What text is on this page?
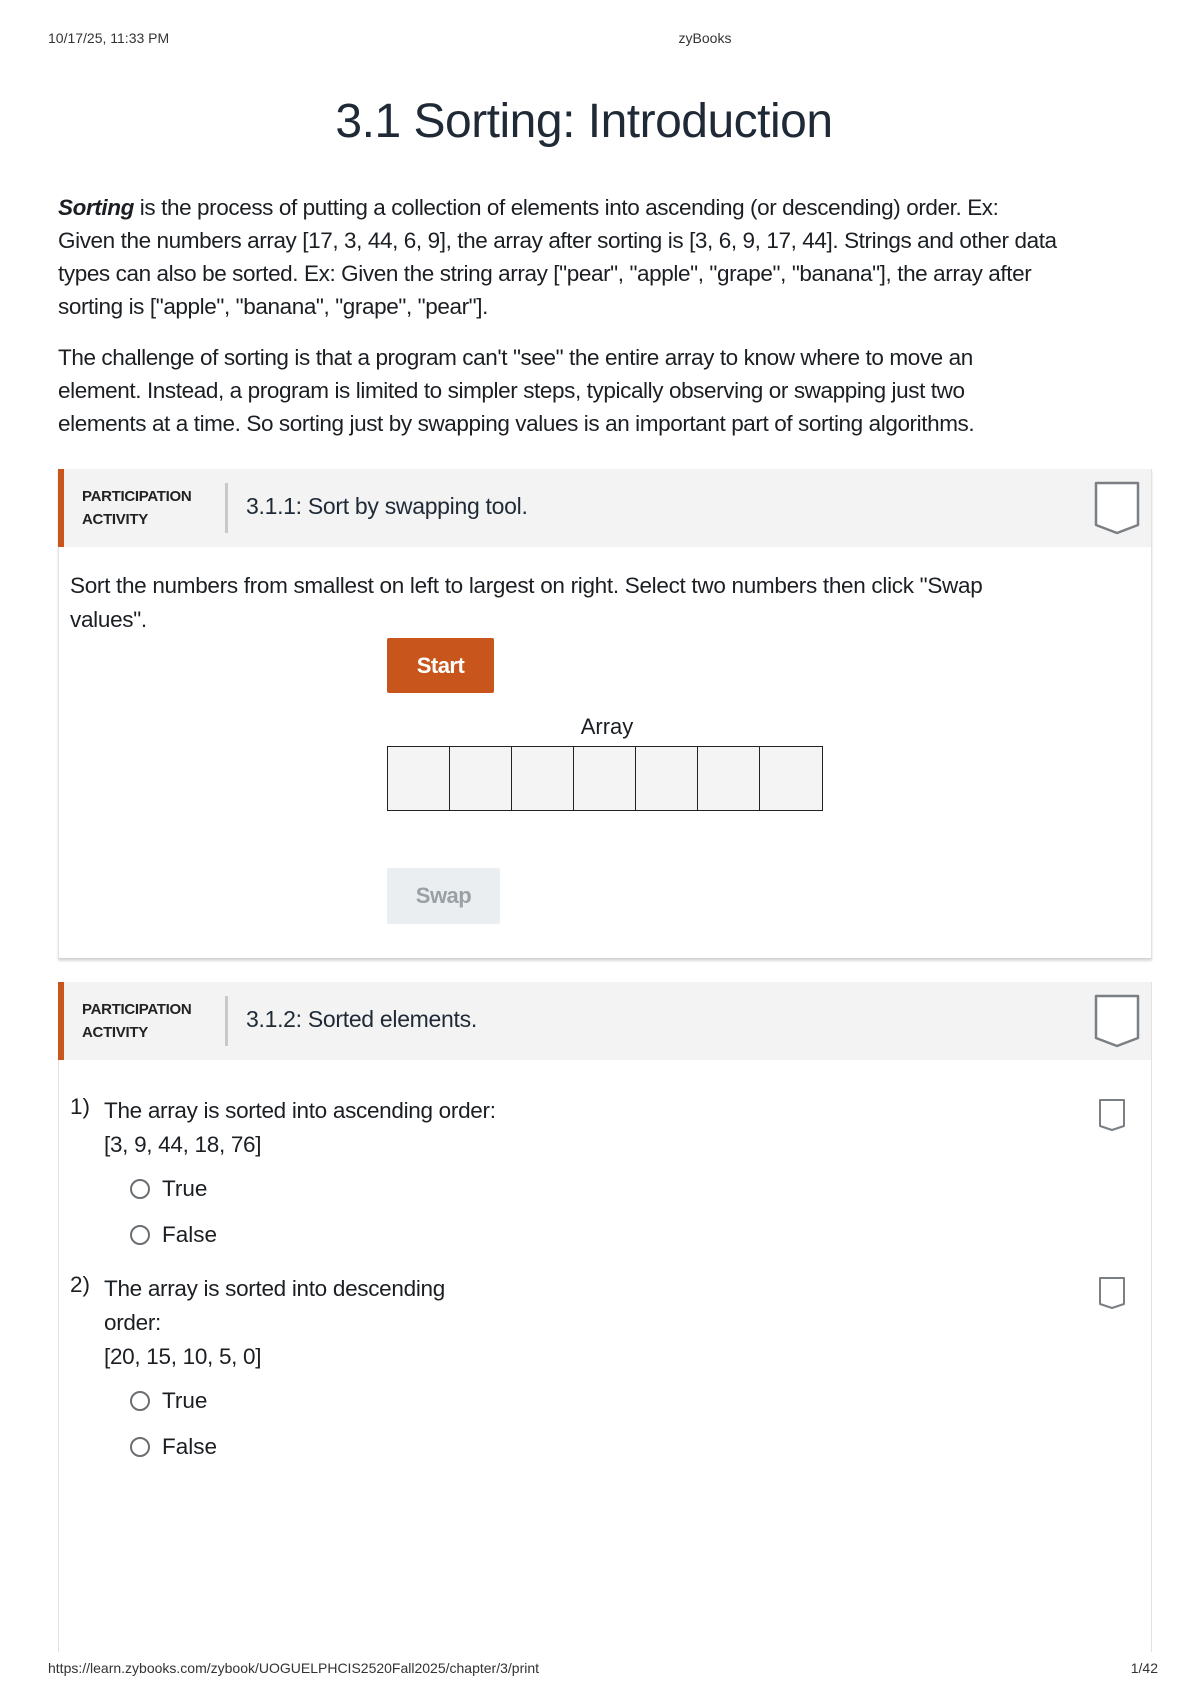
10/17/25, 11:33 PM	zyBooks
3.1 Sorting: Introduction
Sorting is the process of putting a collection of elements into ascending (or descending) order. Ex:
Given the numbers array [17, 3, 44, 6, 9], the array after sorting is [3, 6, 9, 17, 44]. Strings and other data
types can also be sorted. Ex: Given the string array ["pear", "apple", "grape", "banana"], the array after
sorting is ["apple", "banana", "grape", "pear"].
The challenge of sorting is that a program can't "see" the entire array to know where to move an
element. Instead, a program is limited to simpler steps, typically observing or swapping just two
elements at a time. So sorting just by swapping values is an important part of sorting algorithms.
PARTICIPATION
ACTIVITY
3.1.1: Sort by swapping tool.
Sort the numbers from smallest on left to largest on right. Select two numbers then click "Swap
values".
Start
Array
Swap
PARTICIPATION
ACTIVITY
3.1.2: Sorted elements.
1) The array is sorted into ascending order:
[3, 9, 44, 18, 76]
True
False
2) The array is sorted into descending
order:
[20, 15, 10, 5, 0]
True
False
https://learn.zybooks.com/zybook/UOGUELPHCIS2520Fall2025/chapter/3/print	1/42
